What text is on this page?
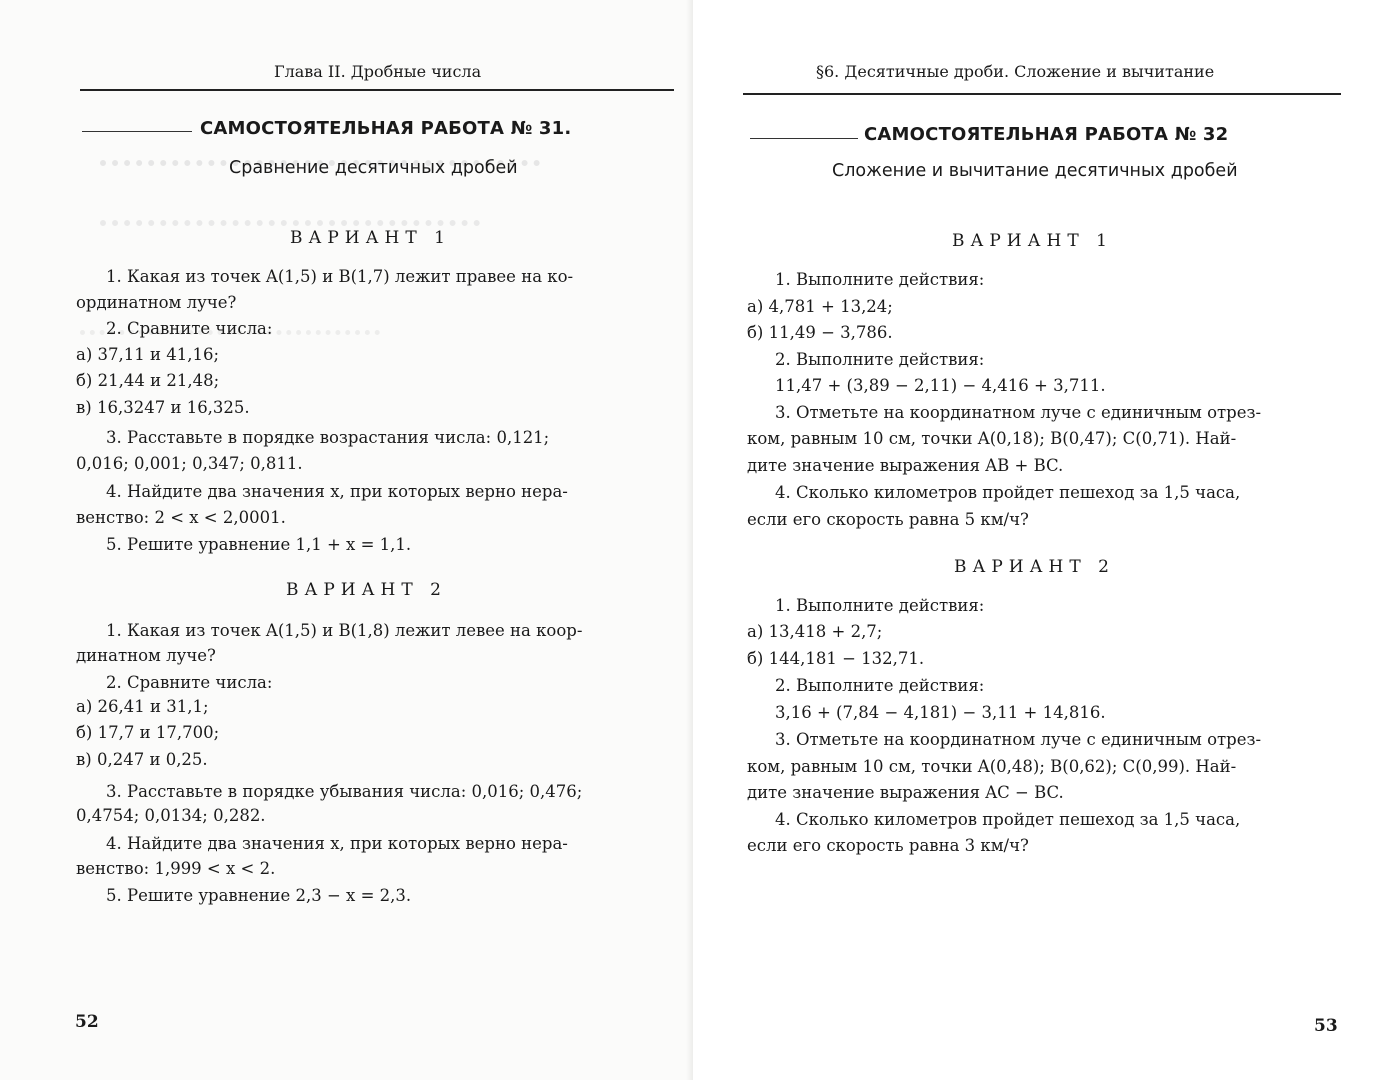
Глава II. Дробные числа
САМОСТОЯТЕЛЬНАЯ РАБОТА № 31.
Сравнение десятичных дробей
ВАРИАНТ 1
1. Какая из точек A(1,5) и B(1,7) лежит правее на ко-
ординатном луче?
2. Сравните числа:
а) 37,11 и 41,16;
б) 21,44 и 21,48;
в) 16,3247 и 16,325.
3. Расставьте в порядке возрастания числа: 0,121;
0,016; 0,001; 0,347; 0,811.
4. Найдите два значения x, при которых верно нера-
венство: 2 < x < 2,0001.
5. Решите уравнение 1,1 + x = 1,1.
ВАРИАНТ 2
1. Какая из точек A(1,5) и B(1,8) лежит левее на коор-
динатном луче?
2. Сравните числа:
а) 26,41 и 31,1;
б) 17,7 и 17,700;
в) 0,247 и 0,25.
3. Расставьте в порядке убывания числа: 0,016; 0,476;
0,4754; 0,0134; 0,282.
4. Найдите два значения x, при которых верно нера-
венство: 1,999 < x < 2.
5. Решите уравнение 2,3 − x = 2,3.
52
§6. Десятичные дроби. Сложение и вычитание
САМОСТОЯТЕЛЬНАЯ РАБОТА № 32
Сложение и вычитание десятичных дробей
ВАРИАНТ 1
1. Выполните действия:
а) 4,781 + 13,24;
б) 11,49 − 3,786.
2. Выполните действия:
11,47 + (3,89 − 2,11) − 4,416 + 3,711.
3. Отметьте на координатном луче с единичным отрез-
ком, равным 10 см, точки A(0,18); B(0,47); C(0,71). Най-
дите значение выражения AB + BC.
4. Сколько километров пройдет пешеход за 1,5 часа,
если его скорость равна 5 км/ч?
ВАРИАНТ 2
1. Выполните действия:
а) 13,418 + 2,7;
б) 144,181 − 132,71.
2. Выполните действия:
3,16 + (7,84 − 4,181) − 3,11 + 14,816.
3. Отметьте на координатном луче с единичным отрез-
ком, равным 10 см, точки A(0,48); B(0,62); C(0,99). Най-
дите значение выражения AC − BC.
4. Сколько километров пройдет пешеход за 1,5 часа,
если его скорость равна 3 км/ч?
53
